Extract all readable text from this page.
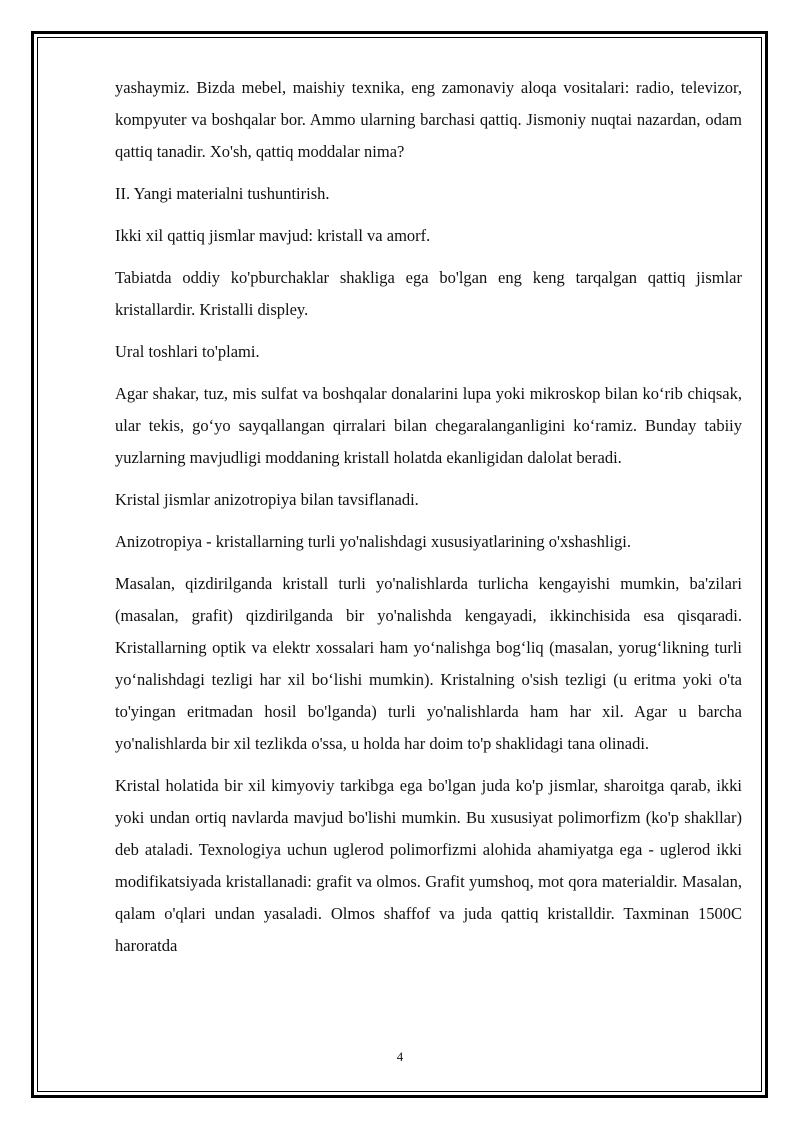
yashaymiz. Bizda mebel, maishiy texnika, eng zamonaviy aloqa vositalari: radio, televizor, kompyuter va boshqalar bor. Ammo ularning barchasi qattiq. Jismoniy nuqtai nazardan, odam qattiq tanadir. Xo'sh, qattiq moddalar nima?

II. Yangi materialni tushuntirish.

Ikki xil qattiq jismlar mavjud: kristall va amorf.

Tabiatda oddiy ko'pburchaklar shakliga ega bo'lgan eng keng tarqalgan qattiq jismlar kristallardir. Kristalli displey.

Ural toshlari to'plami.

Agar shakar, tuz, mis sulfat va boshqalar donalarini lupa yoki mikroskop bilan ko‘rib chiqsak, ular tekis, go‘yo sayqallangan qirralari bilan chegaralanganligini ko‘ramiz. Bunday tabiiy yuzlarning mavjudligi moddaning kristall holatda ekanligidan dalolat beradi.

Kristal jismlar anizotropiya bilan tavsiflanadi.

Anizotropiya - kristallarning turli yo'nalishdagi xususiyatlarining o'xshashligi.

Masalan, qizdirilganda kristall turli yo'nalishlarda turlicha kengayishi mumkin, ba'zilari (masalan, grafit) qizdirilganda bir yo'nalishda kengayadi, ikkinchisida esa qisqaradi. Kristallarning optik va elektr xossalari ham yo‘nalishga bog‘liq (masalan, yorug‘likning turli yo‘nalishdagi tezligi har xil bo‘lishi mumkin). Kristalning o'sish tezligi (u eritma yoki o'ta to'yingan eritmadan hosil bo'lganda) turli yo'nalishlarda ham har xil. Agar u barcha yo'nalishlarda bir xil tezlikda o'ssa, u holda har doim to'p shaklidagi tana olinadi.

Kristal holatida bir xil kimyoviy tarkibga ega bo'lgan juda ko'p jismlar, sharoitga qarab, ikki yoki undan ortiq navlarda mavjud bo'lishi mumkin. Bu xususiyat polimorfizm (ko'p shakllar) deb ataladi. Texnologiya uchun uglerod polimorfizmi alohida ahamiyatga ega - uglerod ikki modifikatsiyada kristallanadi: grafit va olmos. Grafit yumshoq, mot qora materialdir. Masalan, qalam o'qlari undan yasaladi. Olmos shaffof va juda qattiq kristalldir. Taxminan 1500C haroratda

4
